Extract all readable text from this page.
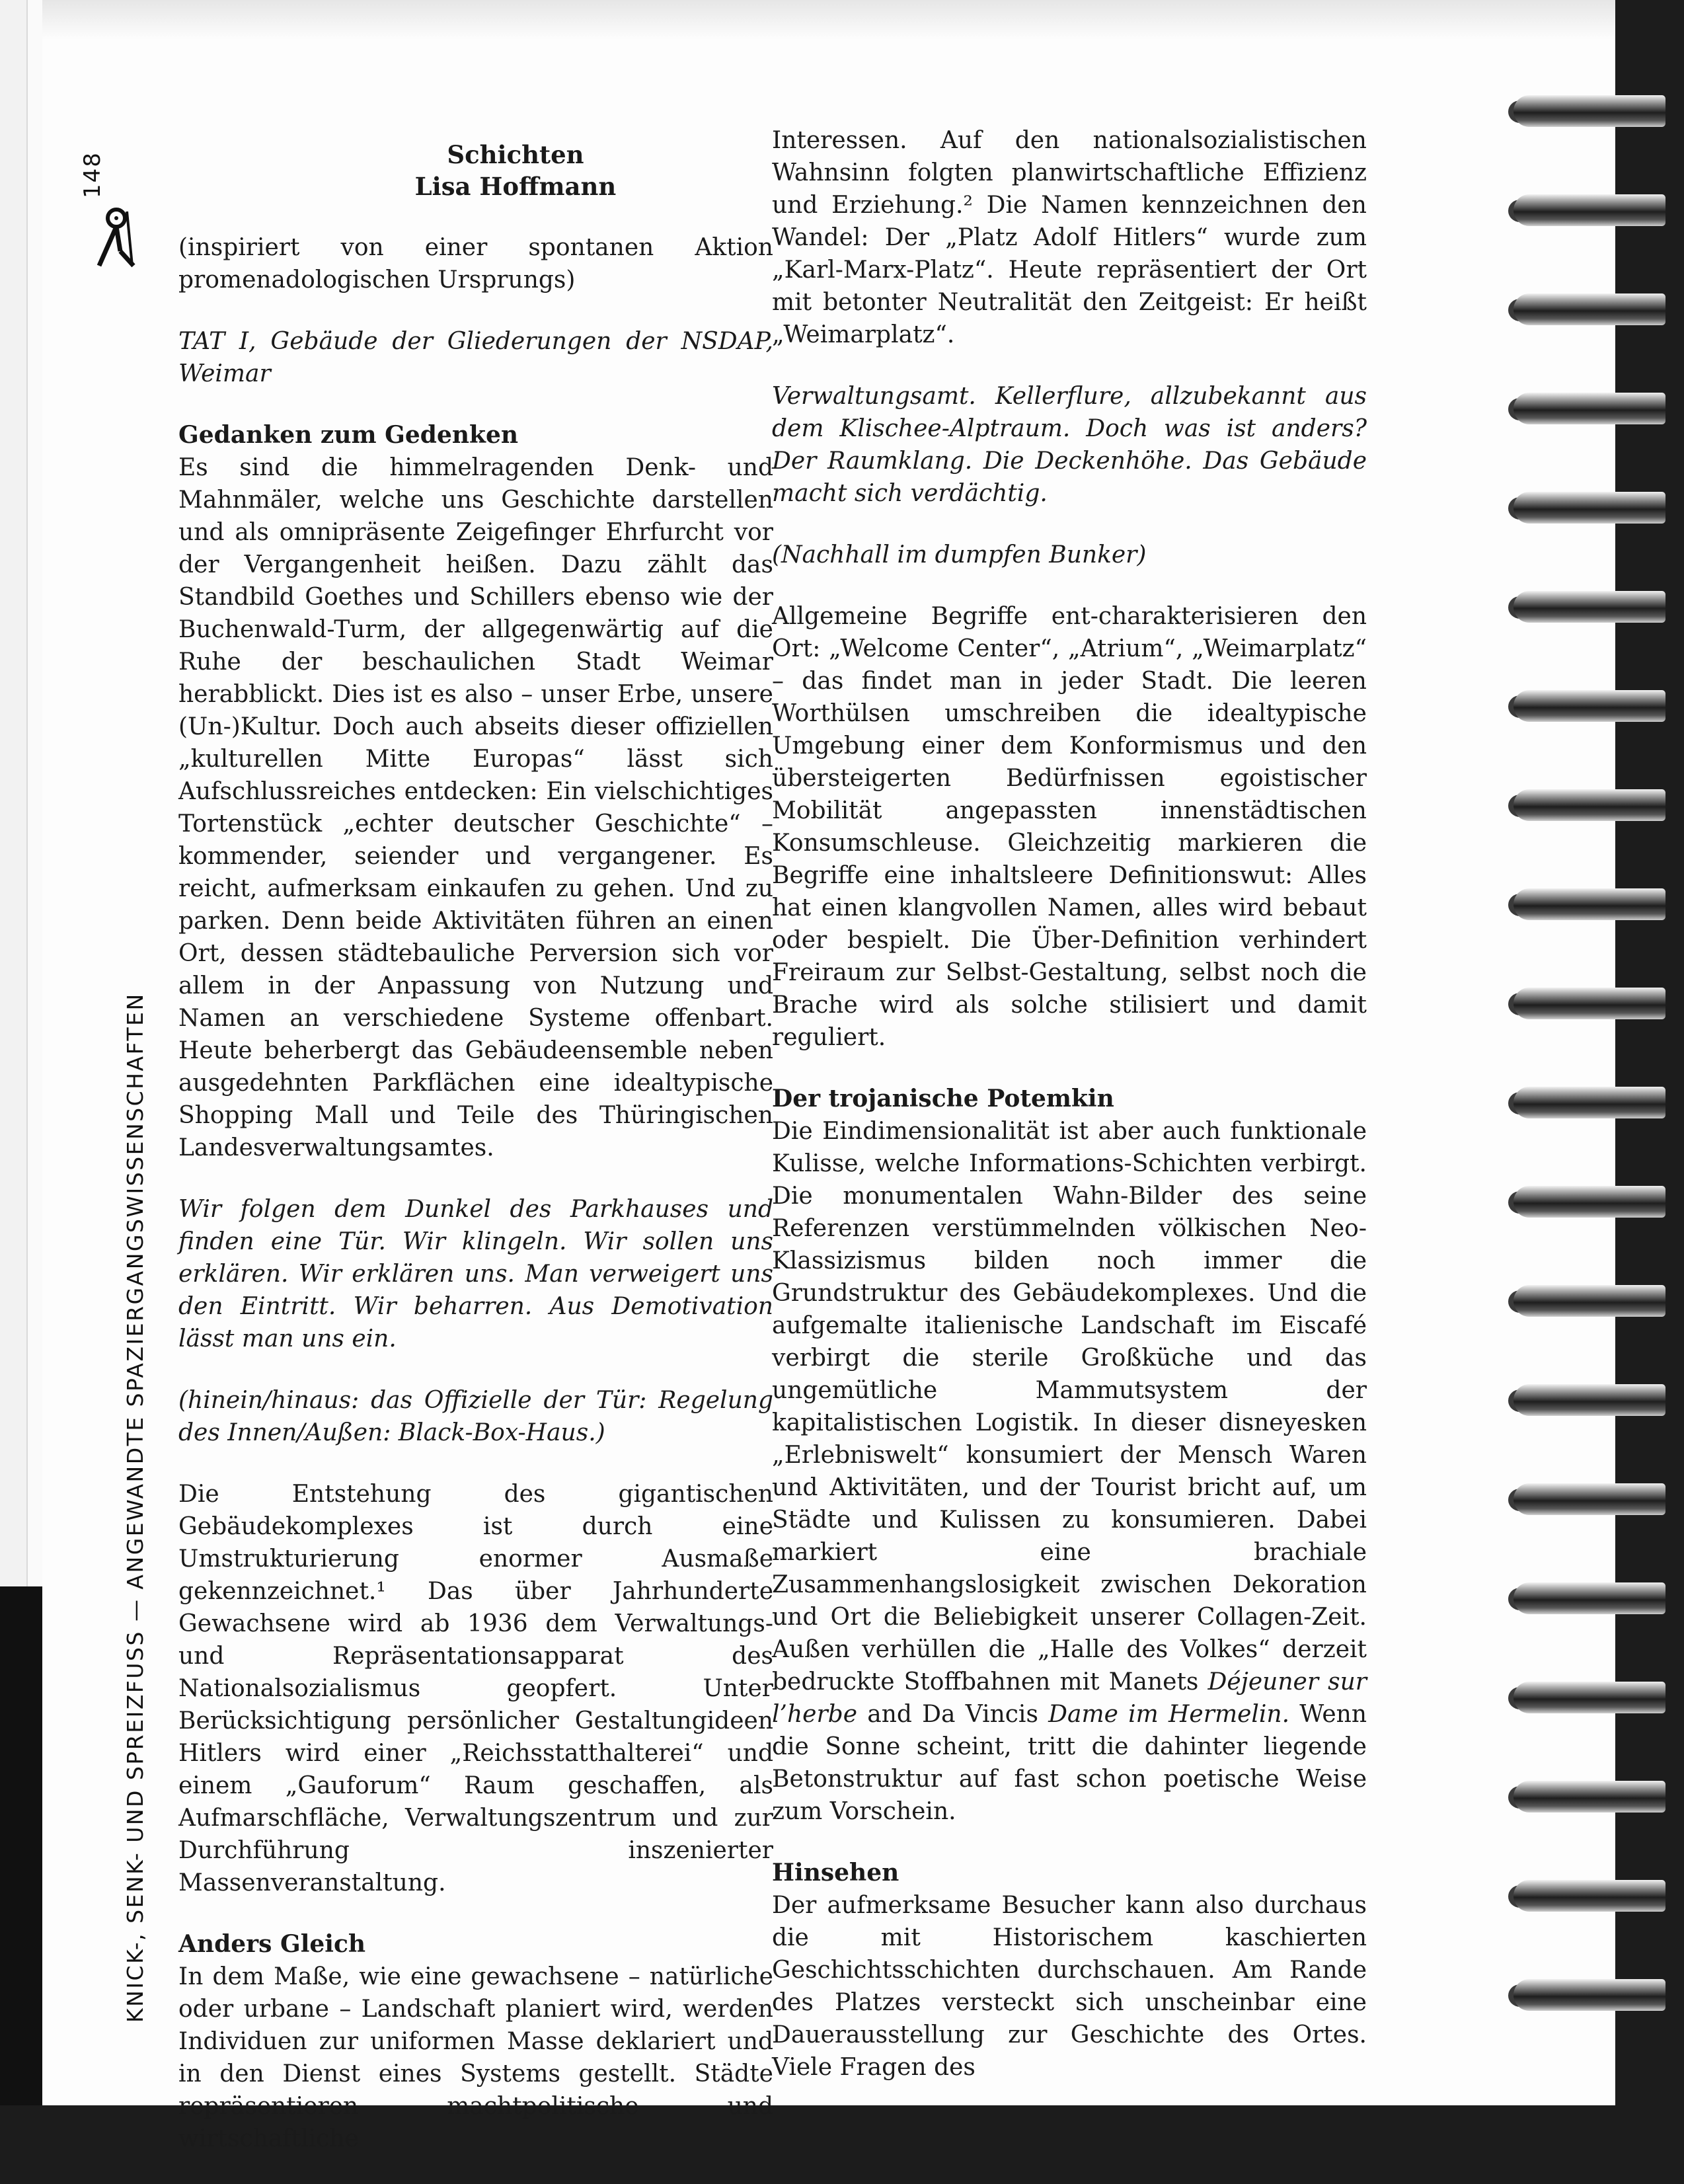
148
KNICK-, SENK- UND SPREIZFUSS — ANGEWANDTE SPAZIERGANGSWISSENSCHAFTEN
Schichten
Lisa Hoffmann

(inspiriert von einer spontanen Aktion promenadologischen Ursprungs)

TAT I, Gebäude der Gliederungen der NSDAP, Weimar

Gedanken zum Gedenken

Es sind die himmelragenden Denk- und Mahnmäler, welche uns Geschichte darstellen und als omnipräsente Zeigefinger Ehrfurcht vor der Vergangenheit heißen. Dazu zählt das Standbild Goethes und Schillers ebenso wie der Buchenwald-Turm, der allgegenwärtig auf die Ruhe der beschaulichen Stadt Weimar herabblickt. Dies ist es also – unser Erbe, unsere (Un-)Kultur. Doch auch abseits dieser offiziellen „kulturellen Mitte Europas“ lässt sich Aufschlussreiches entdecken: Ein vielschichtiges Tortenstück „echter deutscher Geschichte“ – kommender, seiender und vergangener. Es reicht, aufmerksam einkaufen zu gehen. Und zu parken. Denn beide Aktivitäten führen an einen Ort, dessen städtebauliche Perversion sich vor allem in der Anpassung von Nutzung und Namen an verschiedene Systeme offenbart. Heute beherbergt das Gebäudeensemble neben ausgedehnten Parkflächen eine idealtypische Shopping Mall und Teile des Thüringischen Landesverwaltungsamtes.

Wir folgen dem Dunkel des Parkhauses und finden eine Tür. Wir klingeln. Wir sollen uns erklären. Wir erklären uns. Man verweigert uns den Eintritt. Wir beharren. Aus Demotivation lässt man uns ein.

(hinein/hinaus: das Offizielle der Tür: Regelung des Innen/Außen: Black-Box-Haus.)

Die Entstehung des gigantischen Gebäudekomplexes ist durch eine Umstrukturierung enormer Ausmaße gekennzeichnet.¹ Das über Jahrhunderte Gewachsene wird ab 1936 dem Verwaltungs- und Repräsentationsapparat des Nationalsozialismus geopfert. Unter Berücksichtigung persönlicher Gestaltungideen Hitlers wird einer „Reichsstatthalterei“ und einem „Gauforum“ Raum geschaffen, als Aufmarschfläche, Verwaltungszentrum und zur Durchführung inszenierter Massenveranstaltung.

Anders Gleich

In dem Maße, wie eine gewachsene – natürliche oder urbane – Landschaft planiert wird, werden Individuen zur uniformen Masse deklariert und in den Dienst eines Systems gestellt. Städte repräsentieren machtpolitische und wirtschaftliche

Interessen. Auf den nationalsozialistischen Wahnsinn folgten planwirtschaftliche Effizienz und Erziehung.² Die Namen kennzeichnen den Wandel: Der „Platz Adolf Hitlers“ wurde zum „Karl-Marx-Platz“. Heute repräsentiert der Ort mit betonter Neutralität den Zeitgeist: Er heißt „Weimarplatz“.

Verwaltungsamt. Kellerflure, allzubekannt aus dem Klischee-Alptraum. Doch was ist anders? Der Raumklang. Die Deckenhöhe. Das Gebäude macht sich verdächtig.

(Nachhall im dumpfen Bunker)

Allgemeine Begriffe ent-charakterisieren den Ort: „Welcome Center“, „Atrium“, „Weimarplatz“ – das findet man in jeder Stadt. Die leeren Worthülsen umschreiben die idealtypische Umgebung einer dem Konformismus und den übersteigerten Bedürfnissen egoistischer Mobilität angepassten innenstädtischen Konsumschleuse. Gleichzeitig markieren die Begriffe eine inhaltsleere Definitionswut: Alles hat einen klangvollen Namen, alles wird bebaut oder bespielt. Die Über-Definition verhindert Freiraum zur Selbst-Gestaltung, selbst noch die Brache wird als solche stilisiert und damit reguliert.

Der trojanische Potemkin

Die Eindimensionalität ist aber auch funktionale Kulisse, welche Informations-Schichten verbirgt. Die monumentalen Wahn-Bilder des seine Referenzen verstümmelnden völkischen Neo-Klassizismus bilden noch immer die Grundstruktur des Gebäudekomplexes. Und die aufgemalte italienische Landschaft im Eiscafé verbirgt die sterile Großküche und das ungemütliche Mammutsystem der kapitalistischen Logistik. In dieser disneyesken „Erlebniswelt“ konsumiert der Mensch Waren und Aktivitäten, und der Tourist bricht auf, um Städte und Kulissen zu konsumieren. Dabei markiert eine brachiale Zusammenhangslosigkeit zwischen Dekoration und Ort die Beliebigkeit unserer Collagen-Zeit. Außen verhüllen die „Halle des Volkes“ derzeit bedruckte Stoffbahnen mit Manets Déjeuner sur l’herbe and Da Vincis Dame im Hermelin. Wenn die Sonne scheint, tritt die dahinter liegende Betonstruktur auf fast schon poetische Weise zum Vorschein.

Hinsehen

Der aufmerksame Besucher kann also durchaus die mit Historischem kaschierten Geschichtsschichten durchschauen. Am Rande des Platzes versteckt sich unscheinbar eine Dauerausstellung zur Geschichte des Ortes. Viele Fragen des
